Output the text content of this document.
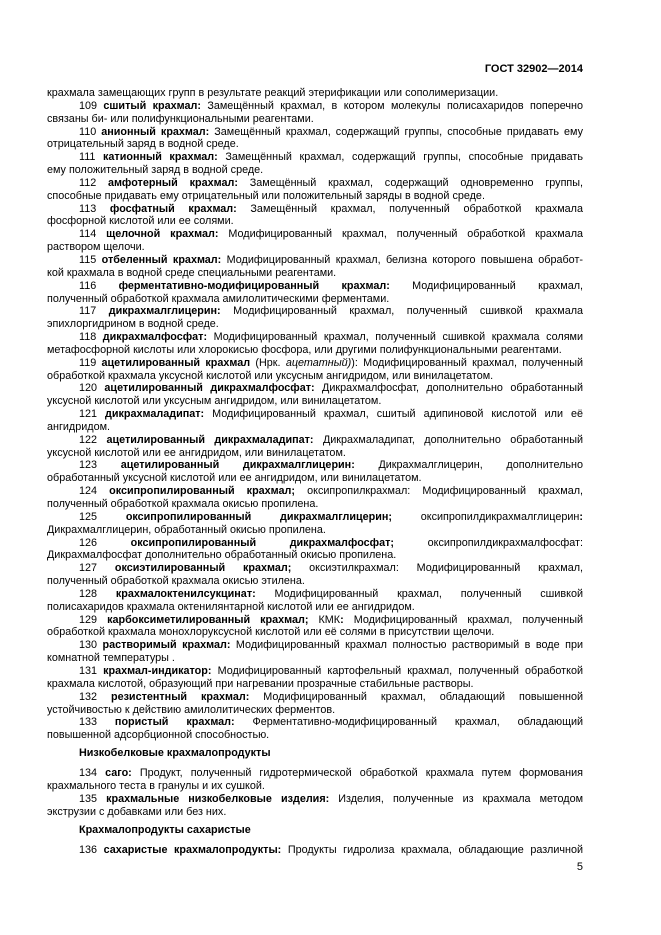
ГОСТ 32902—2014
крахмала замещающих групп в результате реакций этерификации или сополимеризации.
109 сшитый крахмал: Замещённый крахмал, в котором молекулы полисахаридов поперечно
связаны би- или полифункциональными реагентами.
110 анионный крахмал: Замещённый крахмал, содержащий группы, способные придавать ему
отрицательный заряд в водной среде.
111 катионный крахмал: Замещённый крахмал, содержащий группы, способные придавать
ему положительный заряд в водной среде.
112 амфотерный крахмал: Замещённый крахмал, содержащий одновременно группы,
способные придавать ему отрицательный или положительный заряды в водной среде.
113 фосфатный крахмал: Замещённый крахмал, полученный обработкой крахмала
фосфорной кислотой или ее солями.
114 щелочной крахмал: Модифицированный крахмал, полученный обработкой крахмала
раствором щелочи.
115 отбеленный крахмал: Модифицированный крахмал, белизна которого повышена обработ-
кой крахмала в водной среде специальными реагентами.
116 ферментативно-модифицированный крахмал: Модифицированный крахмал,
полученный обработкой крахмала амилолитическими ферментами.
117 дикрахмалглицерин: Модифицированный крахмал, полученный сшивкой крахмала
эпихлоргидрином в водной среде.
118 дикрахмалфосфат: Модифицированный крахмал, полученный сшивкой крахмала солями
метафосфорной кислоты или хлорокисью фосфора, или другими полифункциональными реагентами.
119 ацетилированный крахмал (Нрк. ацетатный)): Модифицированный крахмал, полученный
обработкой крахмала уксусной кислотой или уксусным ангидридом, или винилацетатом.
120 ацетилированный дикрахмалфосфат: Дикрахмалфосфат, дополнительно обработанный
уксусной кислотой или уксусным ангидридом, или винилацетатом.
121 дикрахмаладипат: Модифицированный крахмал, сшитый адипиновой кислотой или её
ангидридом.
122 ацетилированный дикрахмаладипат: Дикрахмаладипат, дополнительно обработанный
уксусной кислотой или ее ангидридом, или винилацетатом.
123 ацетилированный дикрахмалглицерин: Дикрахмалглицерин, дополнительно
обработанный уксусной кислотой или ее ангидридом, или винилацетатом.
124 оксипропилированный крахмал; оксипропилкрахмал: Модифицированный крахмал,
полученный обработкой крахмала окисью пропилена.
125	оксипропилированный дикрахмалглицерин; оксипропилдикрахмалглицерин:
Дикрахмалглицерин, обработанный окисью пропилена.
126	оксипропилированный дикрахмалфосфат; оксипропилдикрахмалфосфат:
Дикрахмалфосфат дополнительно обработанный окисью пропилена.
127 оксиэтилированный крахмал; оксиэтилкрахмал: Модифицированный крахмал,
полученный обработкой крахмала окисью этилена.
128 крахмалоктенилсукцинат: Модифицированный крахмал, полученный сшивкой
полисахаридов крахмала октенилянтарной кислотой или ее ангидридом.
129 карбоксиметилированный крахмал; КМК: Модифицированный крахмал, полученный
обработкой крахмала монохлоруксусной кислотой или её солями в присутствии щелочи.
130 растворимый крахмал: Модифицированный крахмал полностью растворимый в воде при
комнатной температуры .
131 крахмал-индикатор: Модифицированный картофельный крахмал, полученный обработкой
крахмала кислотой, образующий при нагревании прозрачные стабильные растворы.
132 резистентный крахмал: Модифицированный крахмал, обладающий повышенной
устойчивостью к действию амилолитических ферментов.
133 пористый крахмал: Ферментативно-модифицированный крахмал, обладающий
повышенной адсорбционной способностью.
Низкобелковые крахмалопродукты
134 саго: Продукт, полученный гидротермической обработкой крахмала путем формования
крахмального теста в гранулы и их сушкой.
135 крахмальные низкобелковые изделия: Изделия, полученные из крахмала методом
экструзии с добавками или без них.
Крахмалопродукты сахаристые
136 сахаристые крахмалопродукты: Продукты гидролиза крахмала, обладающие различной
5
